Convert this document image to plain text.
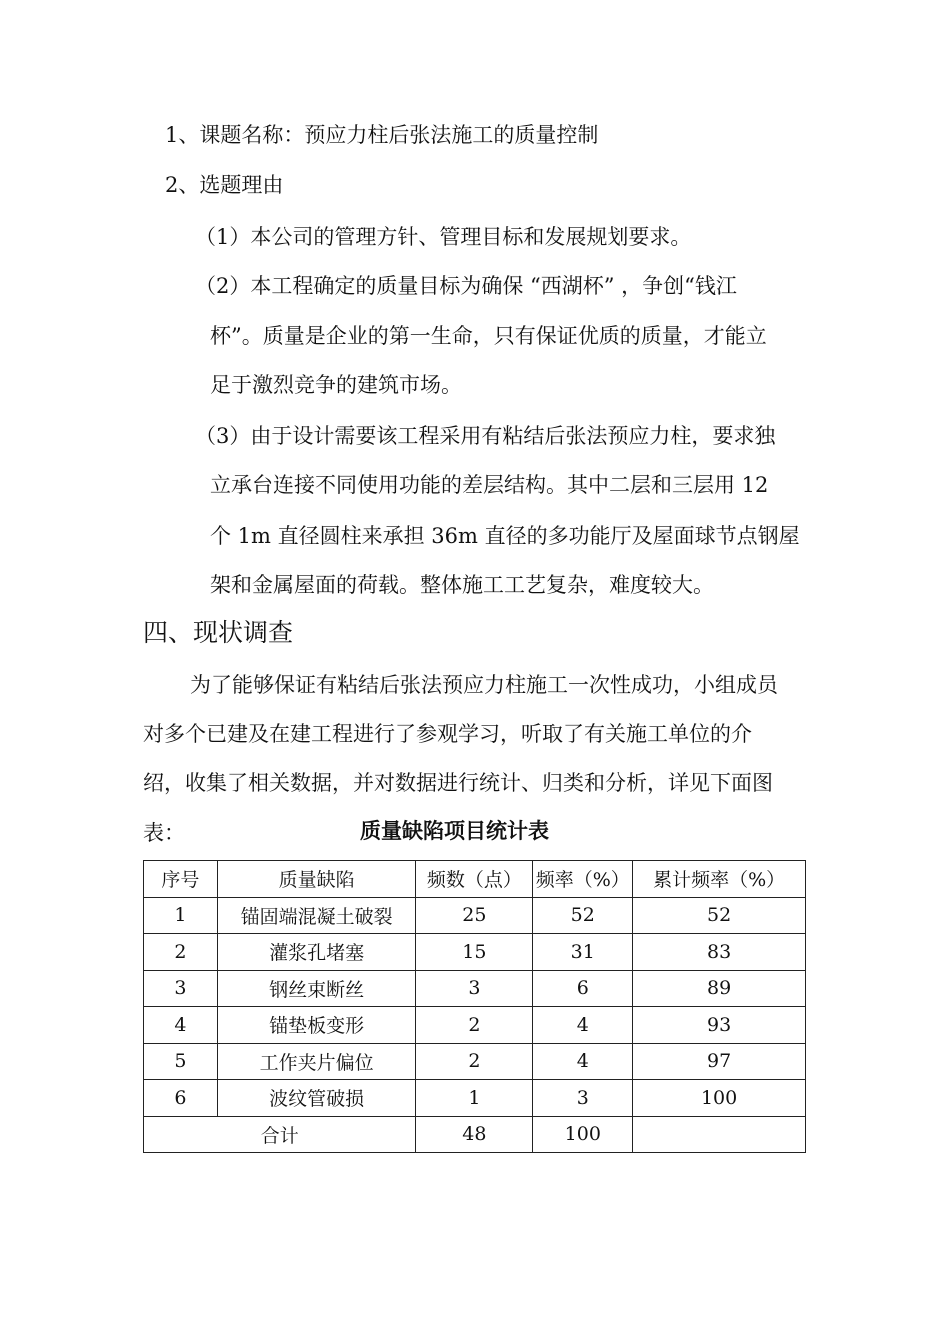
1、课题名称：预应力柱后张法施工的质量控制
2、选题理由
（1）本公司的管理方针、管理目标和发展规划要求。
（2）本工程确定的质量目标为确保 “西湖杯” ，争创“钱江
杯”。质量是企业的第一生命，只有保证优质的质量，才能立
足于激烈竞争的建筑市场。
（3）由于设计需要该工程采用有粘结后张法预应力柱，要求独
立承台连接不同使用功能的差层结构。其中二层和三层用 12
个 1m 直径圆柱来承担 36m 直径的多功能厅及屋面球节点钢屋
架和金属屋面的荷载。整体施工工艺复杂，难度较大。
四、现状调查
为了能够保证有粘结后张法预应力柱施工一次性成功，小组成员
对多个已建及在建工程进行了参观学习，听取了有关施工单位的介
绍，收集了相关数据，并对数据进行统计、归类和分析，详见下面图
表：	质量缺陷项目统计表
序号	质量缺陷	频数（点）	频率（%）	累计频率（%）
1	锚固端混凝土破裂	25	52	52
2	灌浆孔堵塞	15	31	83
3	钢丝束断丝	3	6	89
4	锚垫板变形	2	4	93
5	工作夹片偏位	2	4	97
6	波纹管破损	1	3	100
合计		48	100	
